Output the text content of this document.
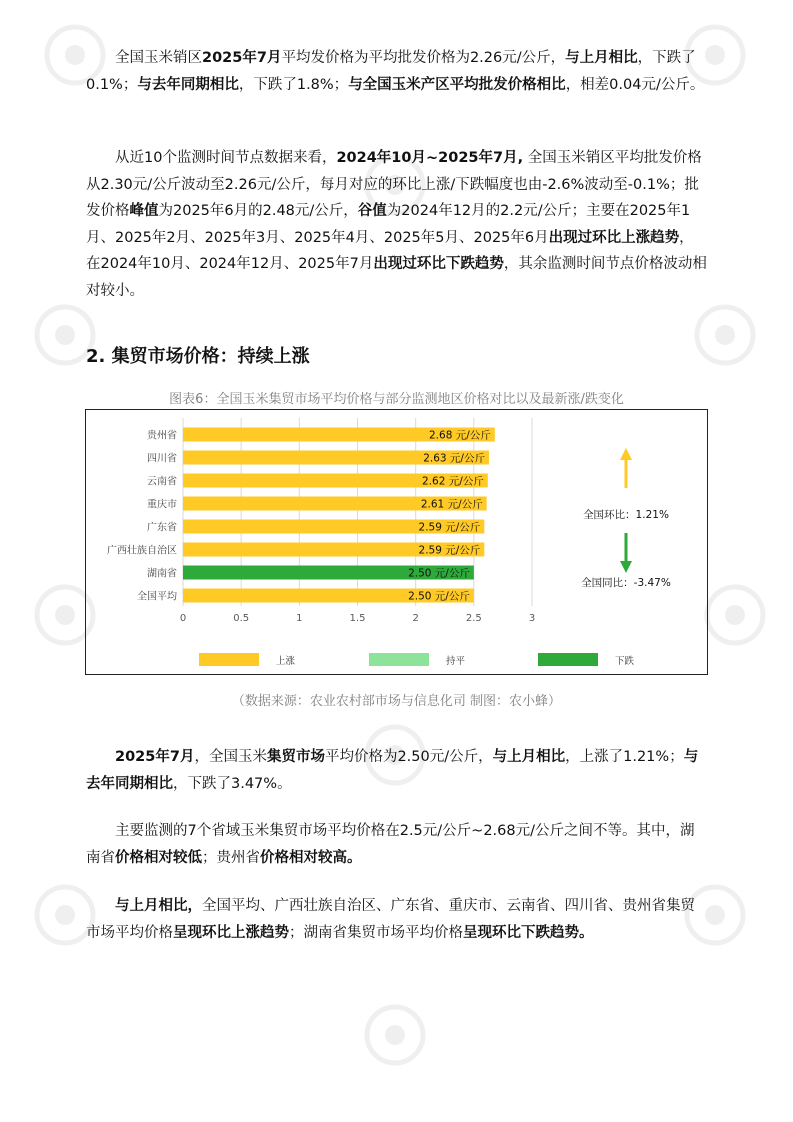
全国玉米销区2025年7月平均发价格为平均批发价格为2.26元/公斤，与上月相比，下跌了0.1%；与去年同期相比，下跌了1.8%；与全国玉米产区平均批发价格相比，相差0.04元/公斤。

从近10个监测时间节点数据来看，2024年10月~2025年7月, 全国玉米销区平均批发价格从2.30元/公斤波动至2.26元/公斤，每月对应的环比上涨/下跌幅度也由-2.6%波动至-0.1%；批发价格峰值为2025年6月的2.48元/公斤，谷值为2024年12月的2.2元/公斤；主要在2025年1月、2025年2月、2025年3月、2025年4月、2025年5月、2025年6月出现过环比上涨趋势，在2024年10月、2024年12月、2025年7月出现过环比下跌趋势，其余监测时间节点价格波动相对较小。

2. 集贸市场价格：持续上涨

图表6：全国玉米集贸市场平均价格与部分监测地区价格对比以及最新涨/跌变化

0	0.5	1	1.5	2	2.5	3
贵州省	2.68 元/公斤
四川省	2.63 元/公斤
云南省	2.62 元/公斤
重庆市	2.61 元/公斤
广东省	2.59 元/公斤
广西壮族自治区	2.59 元/公斤
湖南省	2.50 元/公斤
全国平均	2.50 元/公斤
全国环比：1.21%
全国同比：-3.47%
上涨	持平	下跌

（数据来源：农业农村部市场与信息化司 制图：农小蜂）

2025年7月，全国玉米集贸市场平均价格为2.50元/公斤，与上月相比，上涨了1.21%；与去年同期相比，下跌了3.47%。

主要监测的7个省域玉米集贸市场平均价格在2.5元/公斤~2.68元/公斤之间不等。其中，湖南省价格相对较低；贵州省价格相对较高。

与上月相比，全国平均、广西壮族自治区、广东省、重庆市、云南省、四川省、贵州省集贸市场平均价格呈现环比上涨趋势；湖南省集贸市场平均价格呈现环比下跌趋势。
